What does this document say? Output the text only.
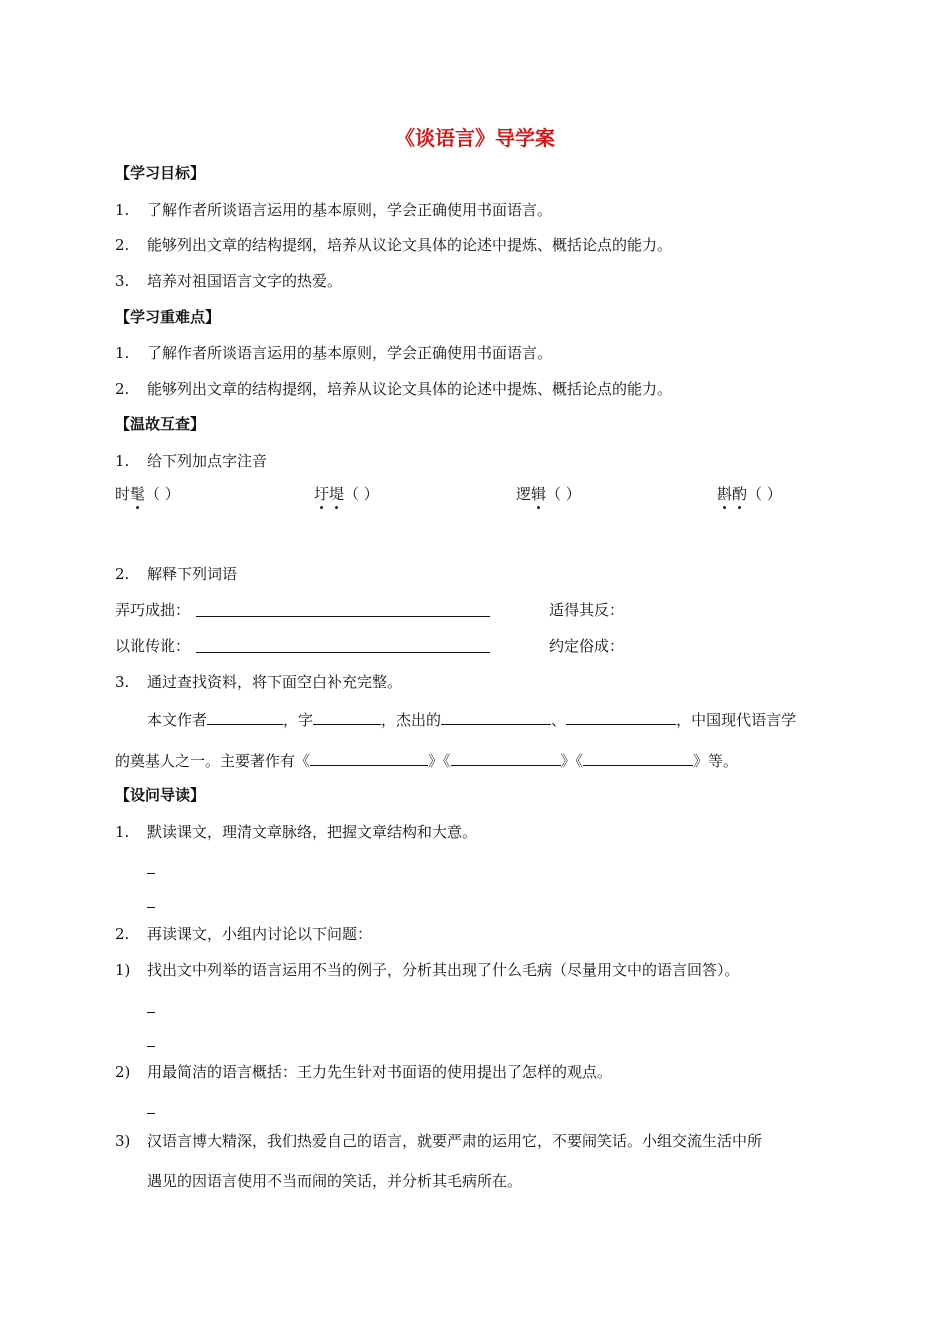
《谈语言》导学案
【学习目标】
1. 了解作者所谈语言运用的基本原则，学会正确使用书面语言。
2. 能够列出文章的结构提纲，培养从议论文具体的论述中提炼、概括论点的能力。
3. 培养对祖国语言文字的热爱。
【学习重难点】
1. 了解作者所谈语言运用的基本原则，学会正确使用书面语言。
2. 能够列出文章的结构提纲，培养从议论文具体的论述中提炼、概括论点的能力。
【温故互查】
1. 给下列加点字注音
时髦（ ）	圩堤（ ）	逻辑（ ）	斟酌（ ）
2. 解释下列词语
弄巧成拙：	适得其反：
以讹传讹：	约定俗成：
3. 通过查找资料，将下面空白补充完整。
本文作者	，字	，杰出的	、	，中国现代语言学
的奠基人之一。主要著作有《	》《	》《	》等。
【设问导读】
1. 默读课文，理清文章脉络，把握文章结构和大意。
2. 再读课文，小组内讨论以下问题：
1) 找出文中列举的语言运用不当的例子，分析其出现了什么毛病（尽量用文中的语言回答）。
2) 用最简洁的语言概括：王力先生针对书面语的使用提出了怎样的观点。
3) 汉语言博大精深，我们热爱自己的语言，就要严肃的运用它，不要闹笑话。小组交流生活中所
遇见的因语言使用不当而闹的笑话，并分析其毛病所在。
